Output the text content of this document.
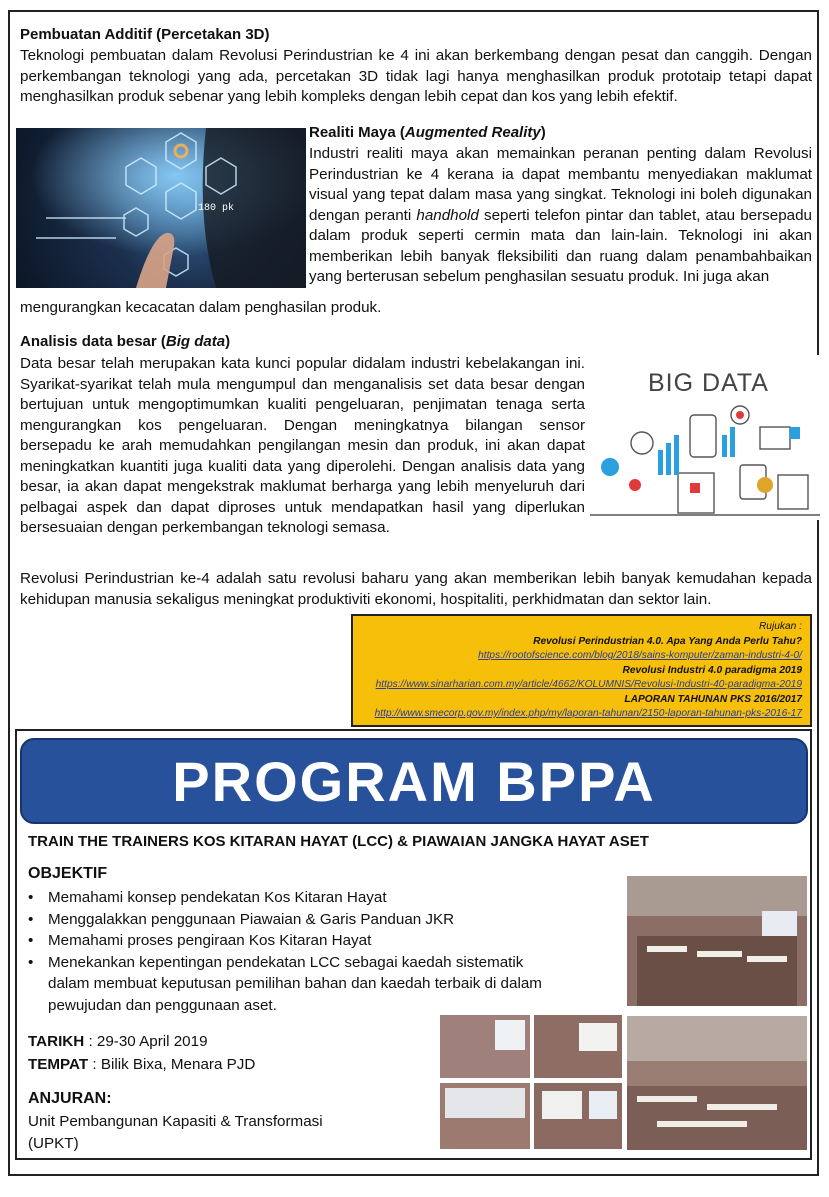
Pembuatan Additif (Percetakan 3D)

Teknologi pembuatan dalam Revolusi Perindustrian ke 4 ini akan berkembang dengan pesat dan canggih. Dengan perkembangan teknologi yang ada, percetakan 3D tidak lagi hanya menghasilkan produk prototaip tetapi dapat menghasilkan produk sebenar yang lebih kompleks dengan lebih cepat dan kos yang lebih efektif.

180 pk
Realiti Maya (Augmented Reality)

Industri realiti maya akan memainkan peranan penting dalam Revolusi Perindustrian ke 4 kerana ia dapat membantu menyediakan maklumat visual yang tepat dalam masa yang singkat. Teknologi ini boleh digunakan dengan peranti handhold seperti telefon pintar dan tablet, atau bersepadu dalam produk seperti cermin mata dan lain-lain. Teknologi ini akan memberikan lebih banyak fleksibiliti dan ruang dalam penambahbaikan yang berterusan sebelum penghasilan sesuatu produk. Ini juga akan

mengurangkan kecacatan dalam penghasilan produk.

Analisis data besar (Big data)

Data besar telah merupakan kata kunci popular didalam industri kebelakangan ini. Syarikat-syarikat telah mula mengumpul dan menganalisis set data besar dengan bertujuan untuk mengoptimumkan kualiti pengeluaran, penjimatan tenaga serta mengurangkan kos pengeluaran. Dengan meningkatnya bilangan sensor bersepadu ke arah memudahkan pengilangan mesin dan produk, ini akan dapat meningkatkan kuantiti juga kualiti data yang diperolehi. Dengan analisis data yang besar, ia akan dapat mengekstrak maklumat berharga yang lebih menyeluruh dari pelbagai aspek dan dapat diproses untuk mendapatkan hasil yang diperlukan bersesuaian dengan perkembangan teknologi semasa.

BIG DATA

Revolusi Perindustrian ke-4 adalah satu revolusi baharu yang akan memberikan lebih banyak kemudahan kepada kehidupan manusia sekaligus meningkat produktiviti ekonomi, hospitaliti, perkhidmatan dan sektor lain.

Rujukan :
Revolusi Perindustrian 4.0. Apa Yang Anda Perlu Tahu?
https://rootofscience.com/blog/2018/sains-komputer/zaman-industri-4-0/
Revolusi Industri 4.0 paradigma 2019
https://www.sinarharian.com.my/article/4662/KOLUMNIS/Revolusi-Industri-40-paradigma-2019
LAPORAN TAHUNAN PKS 2016/2017
http://www.smecorp.gov.my/index.php/my/laporan-tahunan/2150-laporan-tahunan-pks-2016-17
PROGRAM BPPA
TRAIN THE TRAINERS KOS KITARAN HAYAT (LCC) & PIAWAIAN JANGKA HAYAT ASET
OBJEKTIF
• Memahami konsep pendekatan Kos Kitaran Hayat
• Menggalakkan penggunaan Piawaian & Garis Panduan JKR
• Memahami proses pengiraan Kos Kitaran Hayat
• Menekankan kepentingan pendekatan LCC sebagai kaedah sistematik dalam membuat keputusan pemilihan bahan dan kaedah terbaik di dalam pewujudan dan penggunaan aset.
TARIKH : 29-30 April 2019
TEMPAT : Bilik Bixa, Menara PJD
ANJURAN:
Unit Pembangunan Kapasiti & Transformasi
(UPKT)
